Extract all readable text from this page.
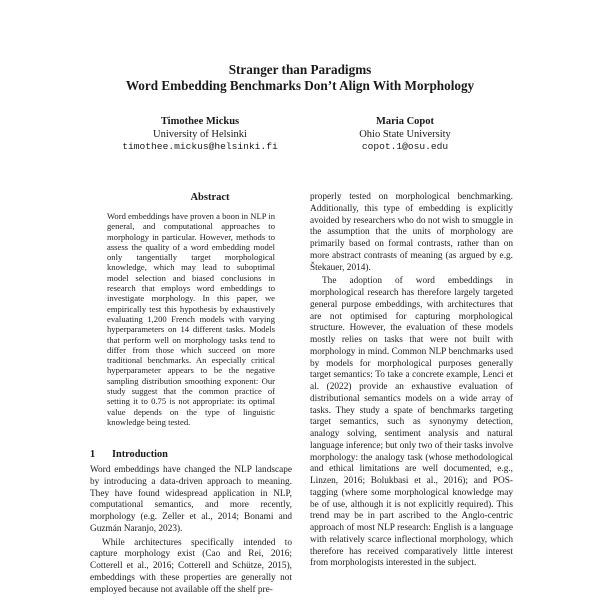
Stranger than Paradigms
Word Embedding Benchmarks Don’t Align With Morphology
Timothee Mickus
University of Helsinki
timothee.mickus@helsinki.fi
Maria Copot
Ohio State University
copot.1@osu.edu
Abstract
Word embeddings have proven a boon in NLP in general, and computational approaches to morphology in particular. However, methods to assess the quality of a word embedding model only tangentially target morphological knowledge, which may lead to suboptimal model selection and biased conclusions in research that employs word embeddings to investigate morphology. In this paper, we empirically test this hypothesis by exhaustively evaluating 1,200 French models with varying hyperparameters on 14 different tasks. Models that perform well on morphology tasks tend to differ from those which succeed on more traditional benchmarks. An especially critical hyperparameter appears to be the negative sampling distribution smoothing exponent: Our study suggest that the common practice of setting it to 0.75 is not appropriate: its optimal value depends on the type of linguistic knowledge being tested.
1 Introduction

Word embeddings have changed the NLP landscape by introducing a data-driven approach to meaning. They have found widespread application in NLP, computational semantics, and more recently, morphology (e.g. Zeller et al., 2014; Bonami and Guzmán Naranjo, 2023).

While architectures specifically intended to capture morphology exist (Cao and Rei, 2016; Cotterell et al., 2016; Cotterell and Schütze, 2015), embeddings with these properties are generally not employed because not available off the shelf pre-

properly tested on morphological benchmarking. Additionally, this type of embedding is explicitly avoided by researchers who do not wish to smuggle in the assumption that the units of morphology are primarily based on formal contrasts, rather than on more abstract contrasts of meaning (as argued by e.g. Štekauer, 2014).

The adoption of word embeddings in morphological research has therefore largely targeted general purpose embeddings, with architectures that are not optimised for capturing morphological structure. However, the evaluation of these models mostly relies on tasks that were not built with morphology in mind. Common NLP benchmarks used by models for morphological purposes generally target semantics: To take a concrete example, Lenci et al. (2022) provide an exhaustive evaluation of distributional semantics models on a wide array of tasks. They study a spate of benchmarks targeting target semantics, such as synonymy detection, analogy solving, sentiment analysis and natural language inference; but only two of their tasks involve morphology: the analogy task (whose methodological and ethical limitations are well documented, e.g., Linzen, 2016; Bolukbasi et al., 2016); and POS-tagging (where some morphological knowledge may be of use, although it is not explicitly required). This trend may be in part ascribed to the Anglo-centric approach of most NLP research: English is a language with relatively scarce inflectional morphology, which therefore has received comparatively little interest from morphologists interested in the subject.
